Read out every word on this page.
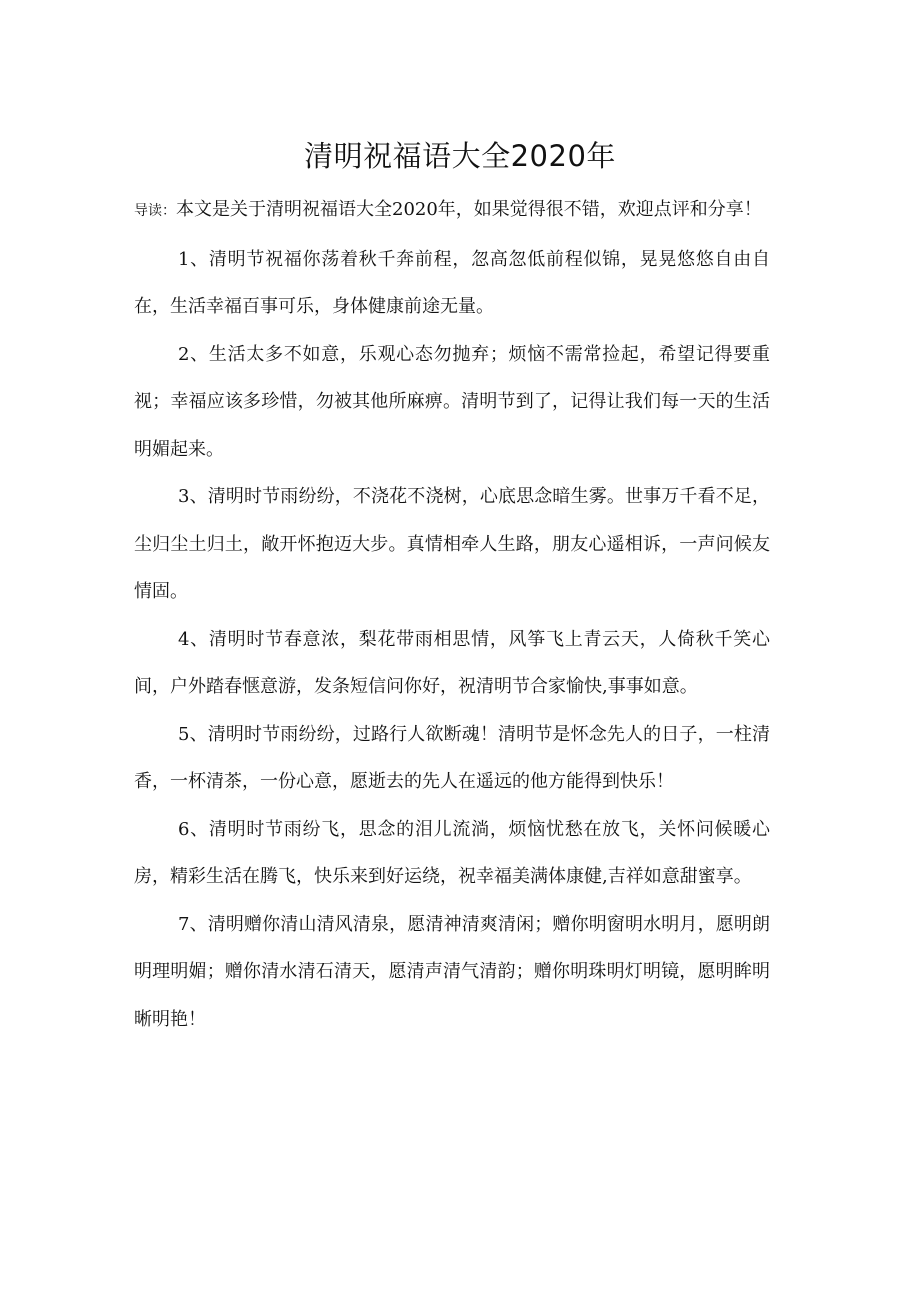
清明祝福语大全2020年

导读：本文是关于清明祝福语大全2020年，如果觉得很不错，欢迎点评和分享！

1、清明节祝福你荡着秋千奔前程，忽高忽低前程似锦，晃晃悠悠自由自在，生活幸福百事可乐，身体健康前途无量。

2、生活太多不如意，乐观心态勿抛弃；烦恼不需常捡起，希望记得要重视；幸福应该多珍惜，勿被其他所麻痹。清明节到了，记得让我们每一天的生活明媚起来。

3、清明时节雨纷纷，不浇花不浇树，心底思念暗生雾。世事万千看不足，尘归尘土归土，敞开怀抱迈大步。真情相牵人生路，朋友心遥相诉，一声问候友情固。

4、清明时节春意浓，梨花带雨相思情，风筝飞上青云天，人倚秋千笑心间，户外踏春惬意游，发条短信问你好，祝清明节合家愉快,事事如意。

5、清明时节雨纷纷，过路行人欲断魂！清明节是怀念先人的日子，一柱清香，一杯清茶，一份心意，愿逝去的先人在遥远的他方能得到快乐！

6、清明时节雨纷飞，思念的泪儿流淌，烦恼忧愁在放飞，关怀问候暖心房，精彩生活在腾飞，快乐来到好运绕，祝幸福美满体康健,吉祥如意甜蜜享。

7、清明赠你清山清风清泉，愿清神清爽清闲；赠你明窗明水明月，愿明朗明理明媚；赠你清水清石清天，愿清声清气清韵；赠你明珠明灯明镜，愿明眸明晰明艳！
